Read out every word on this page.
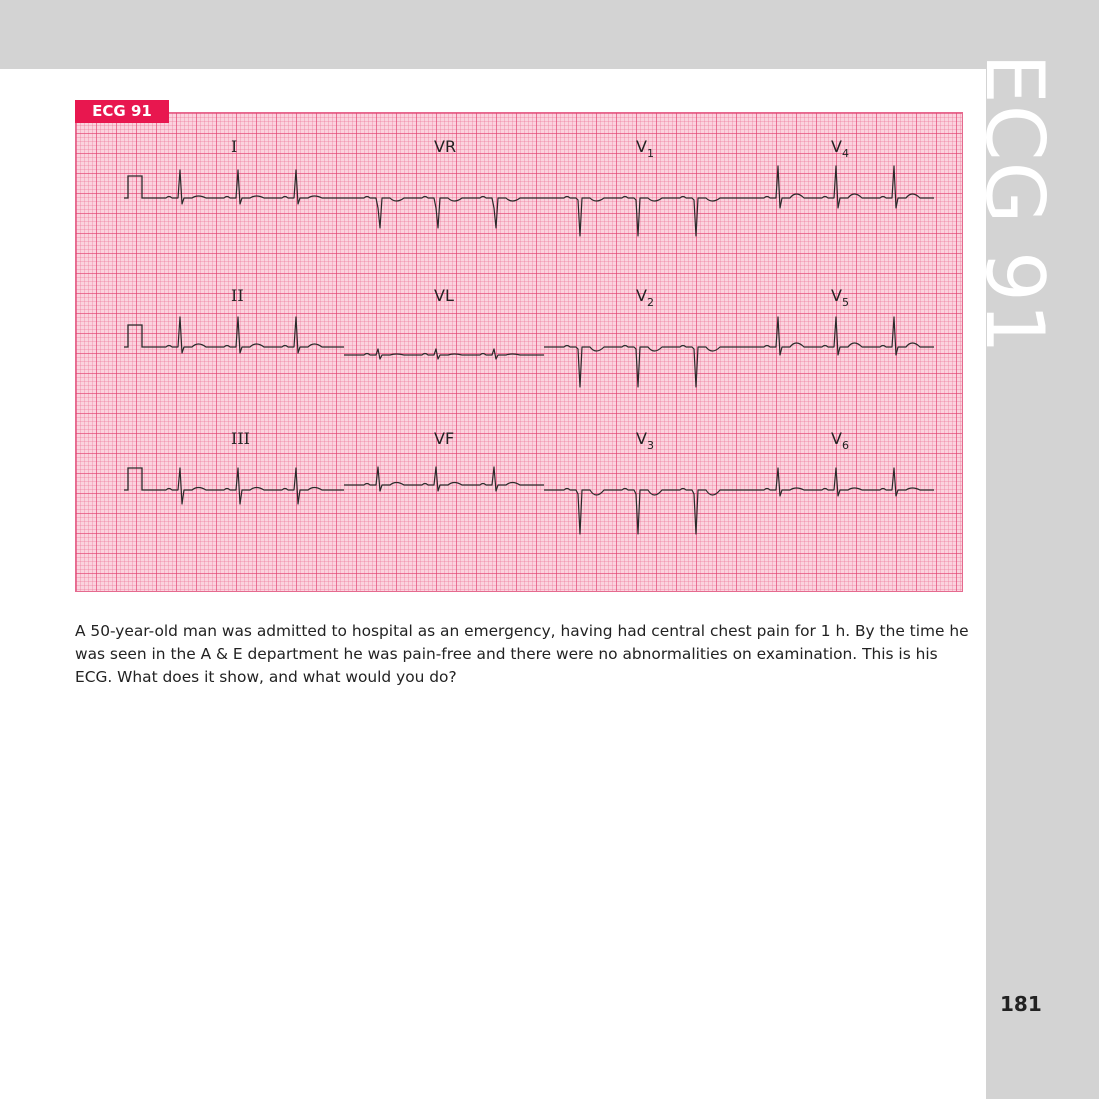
ECG 91
181
I	VR	$V_1$	$V_4$
II	VL	$V_2$	$V_5$
III	VF	$V_3$	$V_6$
ECG 91
A 50-year-old man was admitted to hospital as an emergency, having had central chest pain for 1 h. By the time he was seen in the A & E department he was pain-free and there were no abnormalities on examination. This is his ECG. What does it show, and what would you do?
